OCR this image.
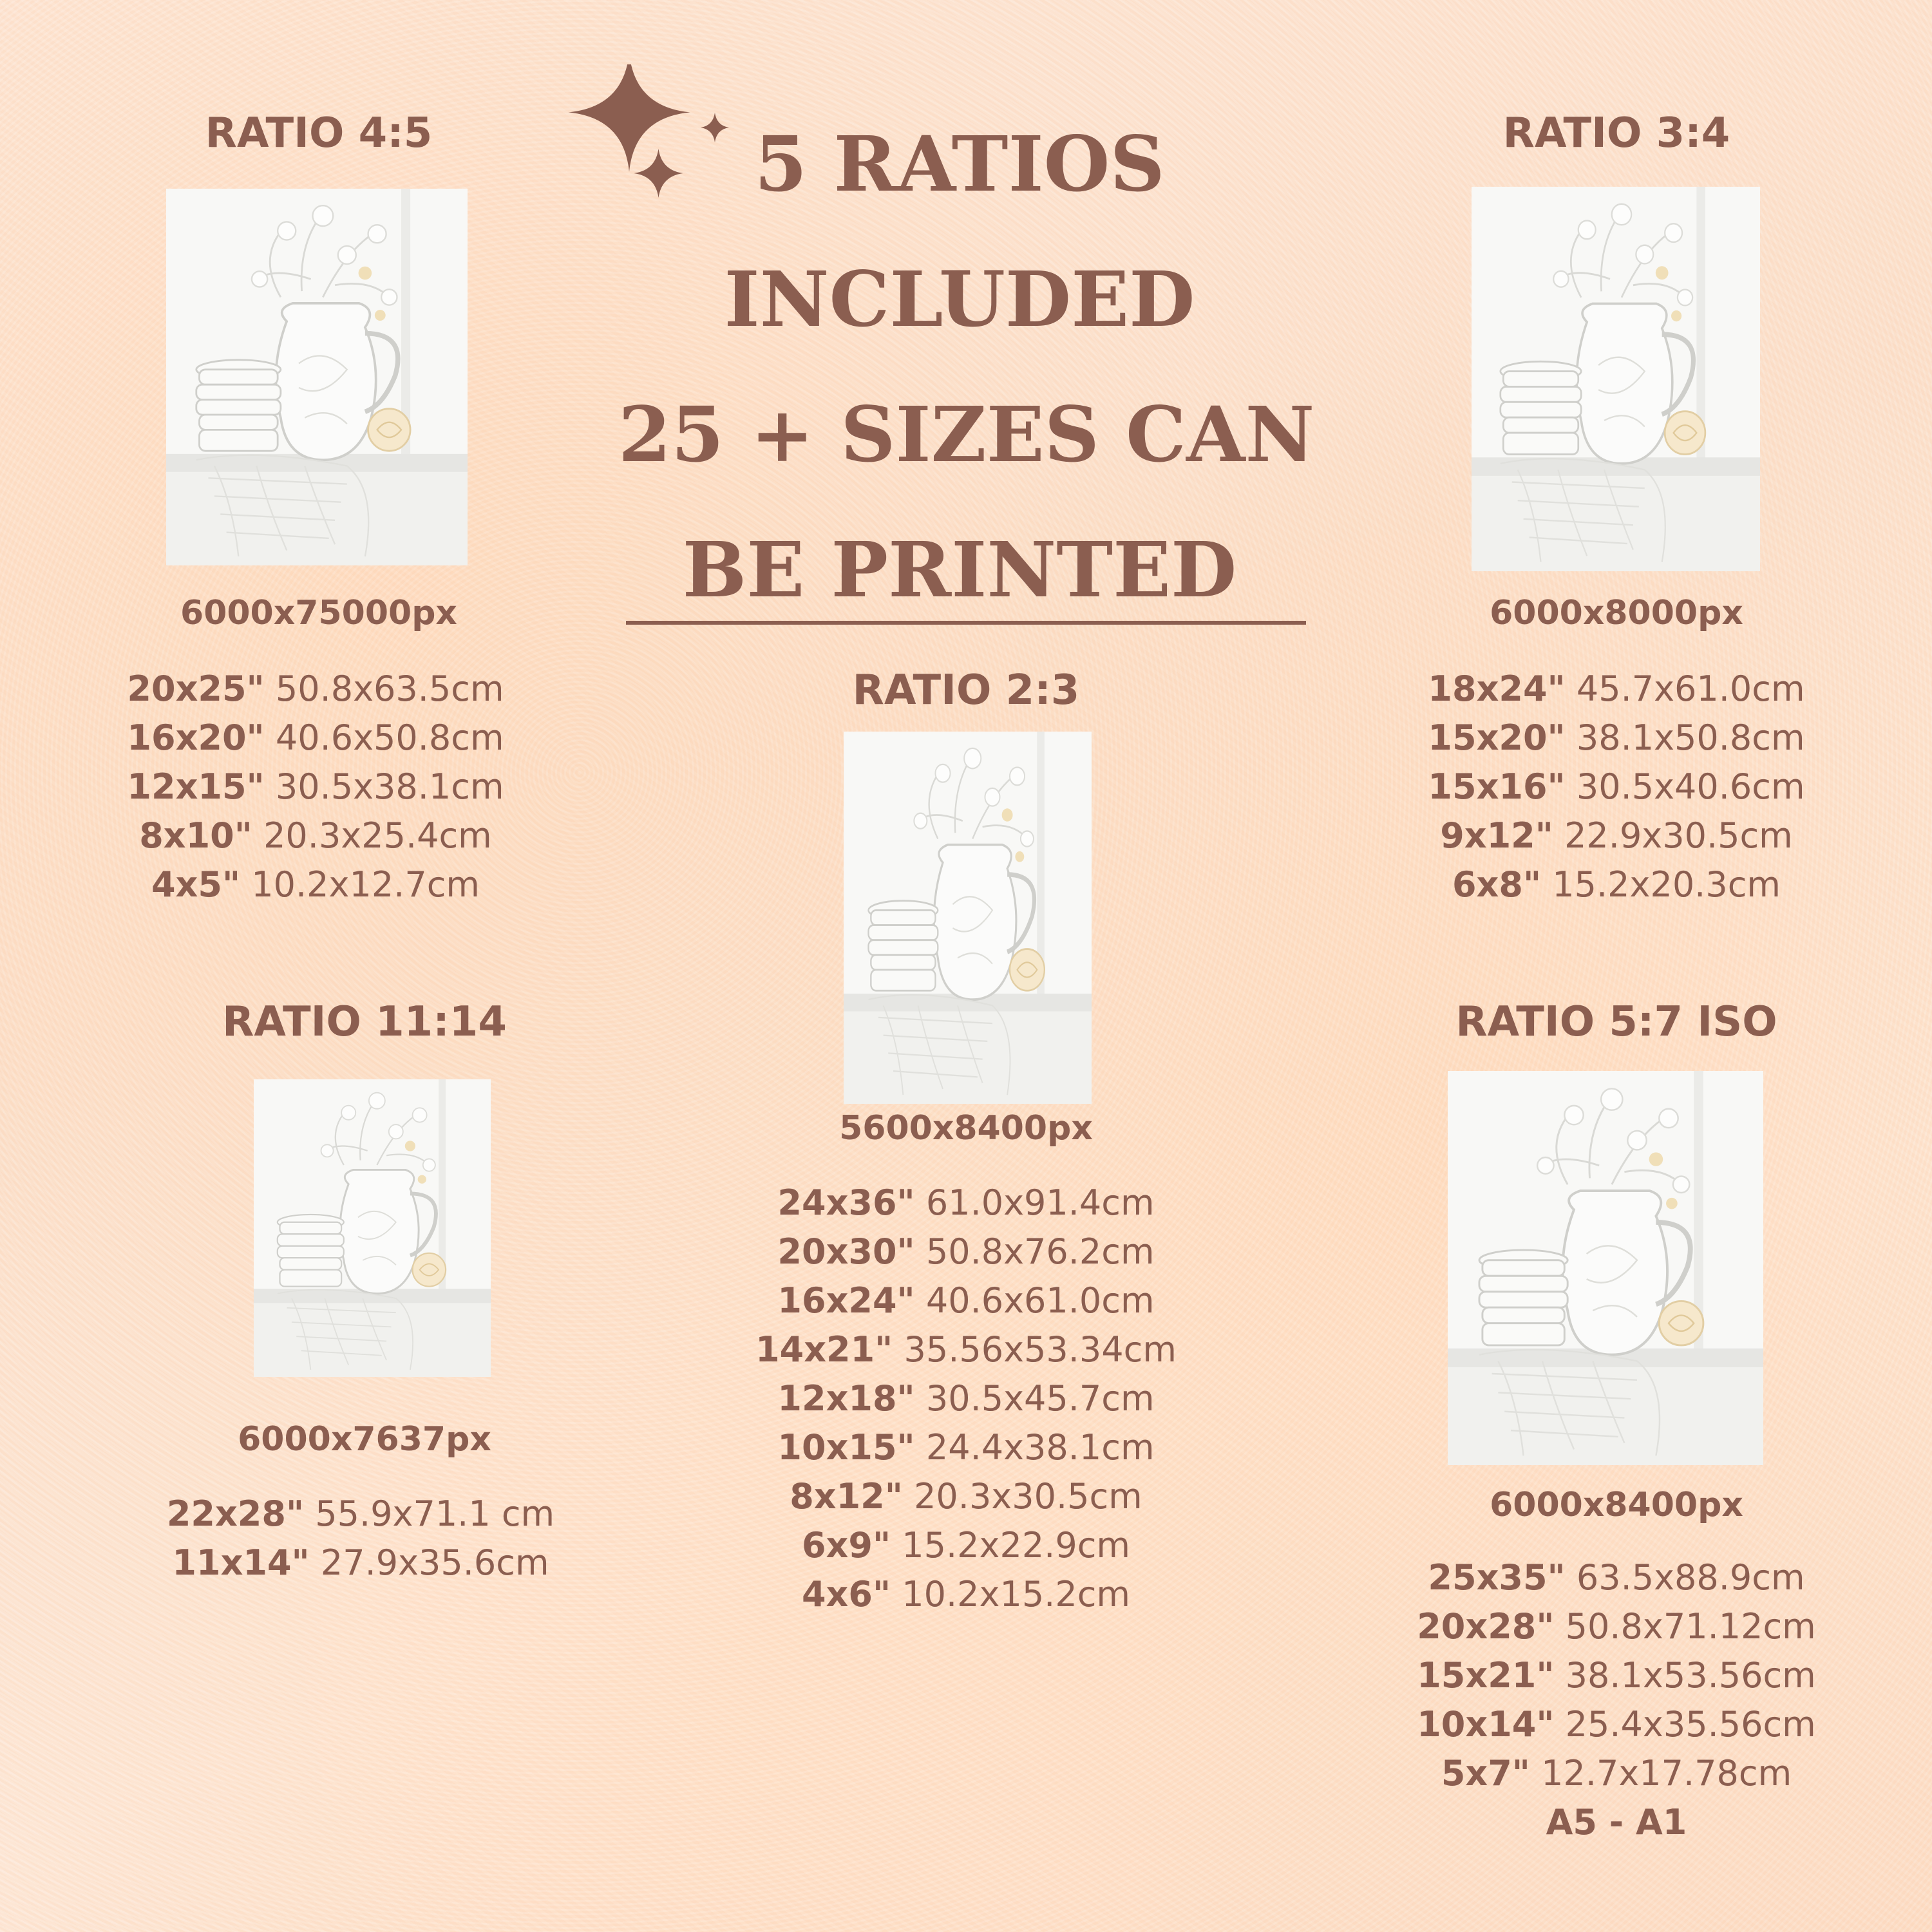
5 RATIOS
INCLUDED
25 + SIZES CAN
BE PRINTED
RATIO 4:5
6000x75000px
20x25" 50.8x63.5cm
16x20" 40.6x50.8cm
12x15" 30.5x38.1cm
8x10" 20.3x25.4cm
4x5" 10.2x12.7cm
RATIO 3:4
6000x8000px
18x24" 45.7x61.0cm
15x20" 38.1x50.8cm
15x16" 30.5x40.6cm
9x12" 22.9x30.5cm
6x8" 15.2x20.3cm
RATIO 2:3
5600x8400px
24x36" 61.0x91.4cm
20x30" 50.8x76.2cm
16x24" 40.6x61.0cm
14x21" 35.56x53.34cm
12x18" 30.5x45.7cm
10x15" 24.4x38.1cm
8x12" 20.3x30.5cm
6x9" 15.2x22.9cm
4x6" 10.2x15.2cm
RATIO 11:14
6000x7637px
22x28" 55.9x71.1 cm
11x14" 27.9x35.6cm
RATIO 5:7 ISO
6000x8400px
25x35" 63.5x88.9cm
20x28" 50.8x71.12cm
15x21" 38.1x53.56cm
10x14" 25.4x35.56cm
5x7" 12.7x17.78cm
A5 - A1
